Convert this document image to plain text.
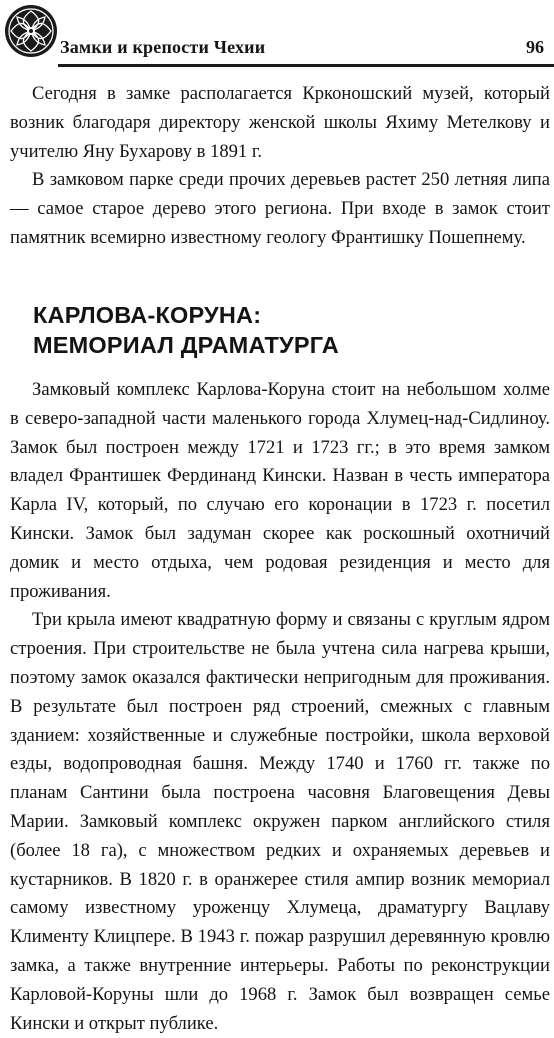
Замки и крепости Чехии	96

Сегодня в замке располагается Крконошский музей, который возник благодаря директору женской школы Яхиму Метелкову и учителю Яну Бухарову в 1891 г.

В замковом парке среди прочих деревьев растет 250 летняя липа — самое старое дерево этого региона. При входе в замок стоит памятник всемирно известному геологу Франтишку Пошепнему.

КАРЛОВА-КОРУНА:
МЕМОРИАЛ ДРАМАТУРГА

Замковый комплекс Карлова-Коруна стоит на небольшом холме в северо-западной части маленького города Хлумец-над-Сидлиноу. Замок был построен между 1721 и 1723 гг.; в это время замком владел Франтишек Фердинанд Кински. Назван в честь императора Карла IV, который, по случаю его коронации в 1723 г. посетил Кински. Замок был задуман скорее как роскошный охотничий домик и место отдыха, чем родовая резиденция и место для проживания.

Три крыла имеют квадратную форму и связаны с круглым ядром строения. При строительстве не была учтена сила нагрева крыши, поэтому замок оказался фактически непригодным для проживания. В результате был построен ряд строений, смежных с главным зданием: хозяйственные и служебные постройки, школа верховой езды, водопроводная башня. Между 1740 и 1760 гг. также по планам Сантини была построена часовня Благовещения Девы Марии. Замковый комплекс окружен парком английского стиля (более 18 га), с множеством редких и охраняемых деревьев и кустарников. В 1820 г. в оранжерее стиля ампир возник мемориал самому известному уроженцу Хлумеца, драматургу Вацлаву Клименту Клицпере. В 1943 г. пожар разрушил деревянную кровлю замка, а также внутренние интерьеры. Работы по реконструкции Карловой-Коруны шли до 1968 г. Замок был возвращен семье Кински и открыт публике.
